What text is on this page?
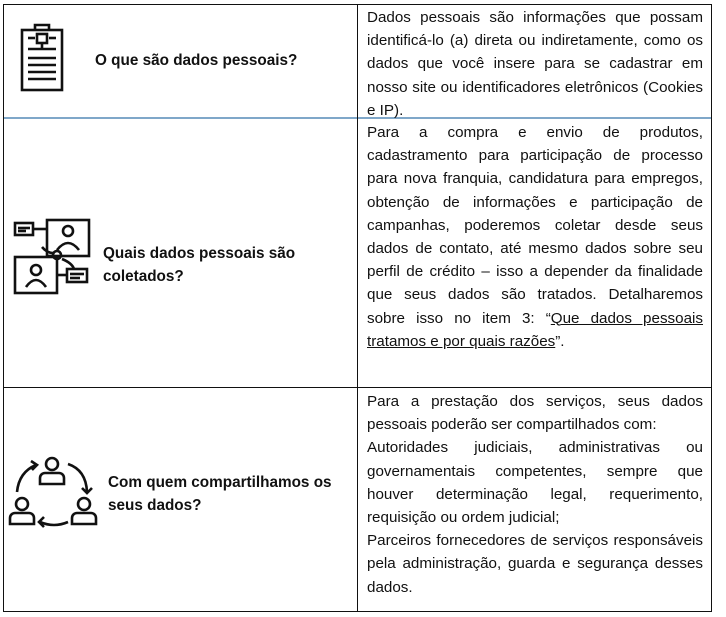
O que são dados pessoais?

Dados pessoais são informações que possam identificá-lo (a) direta ou indiretamente, como os dados que você insere para se cadastrar em nosso site ou identificadores eletrônicos (Cookies e IP).

Quais dados pessoais são
coletados?

Para a compra e envio de produtos, cadastramento para participação de processo para nova franquia, candidatura para empregos, obtenção de informações e participação de campanhas, poderemos coletar desde seus dados de contato, até mesmo dados sobre seu perfil de crédito – isso a depender da finalidade que seus dados são tratados. Detalharemos sobre isso no item 3: “Que dados pessoais tratamos e por quais razões”.

Com quem compartilhamos os
seus dados?

Para a prestação dos serviços, seus dados pessoais poderão ser compartilhados com:

Autoridades judiciais, administrativas ou governamentais competentes, sempre que houver determinação legal, requerimento, requisição ou ordem judicial;

Parceiros fornecedores de serviços responsáveis pela administração, guarda e segurança desses dados.
